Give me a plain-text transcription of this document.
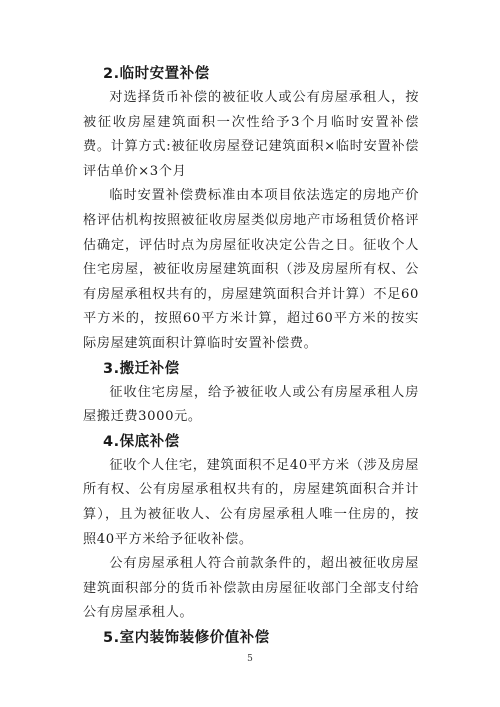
2.临时安置补偿

对选择货币补偿的被征收人或公有房屋承租人，按被征收房屋建筑面积一次性给予3个月临时安置补偿费。计算方式:被征收房屋登记建筑面积×临时安置补偿评估单价×3个月

临时安置补偿费标准由本项目依法选定的房地产价格评估机构按照被征收房屋类似房地产市场租赁价格评估确定，评估时点为房屋征收决定公告之日。征收个人住宅房屋，被征收房屋建筑面积（涉及房屋所有权、公有房屋承租权共有的，房屋建筑面积合并计算）不足60平方米的，按照60平方米计算，超过60平方米的按实际房屋建筑面积计算临时安置补偿费。

3.搬迁补偿

征收住宅房屋，给予被征收人或公有房屋承租人房屋搬迁费3000元。

4.保底补偿

征收个人住宅，建筑面积不足40平方米（涉及房屋所有权、公有房屋承租权共有的，房屋建筑面积合并计算），且为被征收人、公有房屋承租人唯一住房的，按照40平方米给予征收补偿。

公有房屋承租人符合前款条件的，超出被征收房屋建筑面积部分的货币补偿款由房屋征收部门全部支付给公有房屋承租人。

5.室内装饰装修价值补偿

5
